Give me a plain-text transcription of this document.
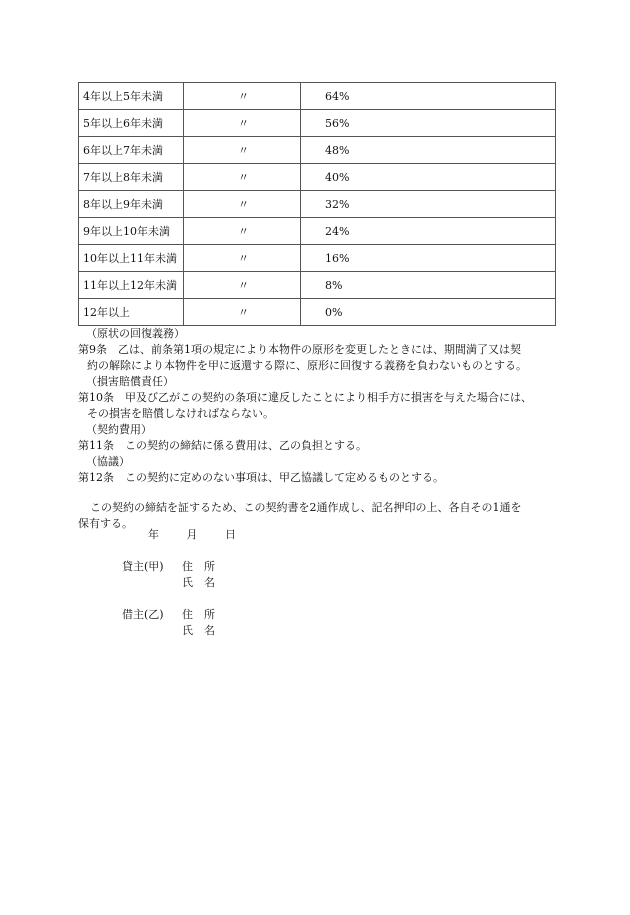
4年以上5年未満	〃	64%
5年以上6年未満	〃	56%
6年以上7年未満	〃	48%
7年以上8年未満	〃	40%
8年以上9年未満	〃	32%
9年以上10年未満	〃	24%
10年以上11年未満	〃	16%
11年以上12年未満	〃	8%
12年以上	〃	0%
（原状の回復義務）
第9条　乙は、前条第1項の規定により本物件の原形を変更したときには、期間満了又は契
約の解除により本物件を甲に返還する際に、原形に回復する義務を負わないものとする。
（損害賠償責任）
第10条　甲及び乙がこの契約の条項に違反したことにより相手方に損害を与えた場合には、
その損害を賠償しなければならない。
（契約費用）
第11条　この契約の締結に係る費用は、乙の負担とする。
（協議）
第12条　この契約に定めのない事項は、甲乙協議して定めるものとする。
この契約の締結を証するため、この契約書を2通作成し、記名押印の上、各自その1通を
保有する。
年	月	日
貸主(甲) 住　所
氏　名
借主(乙) 住　所
氏　名
